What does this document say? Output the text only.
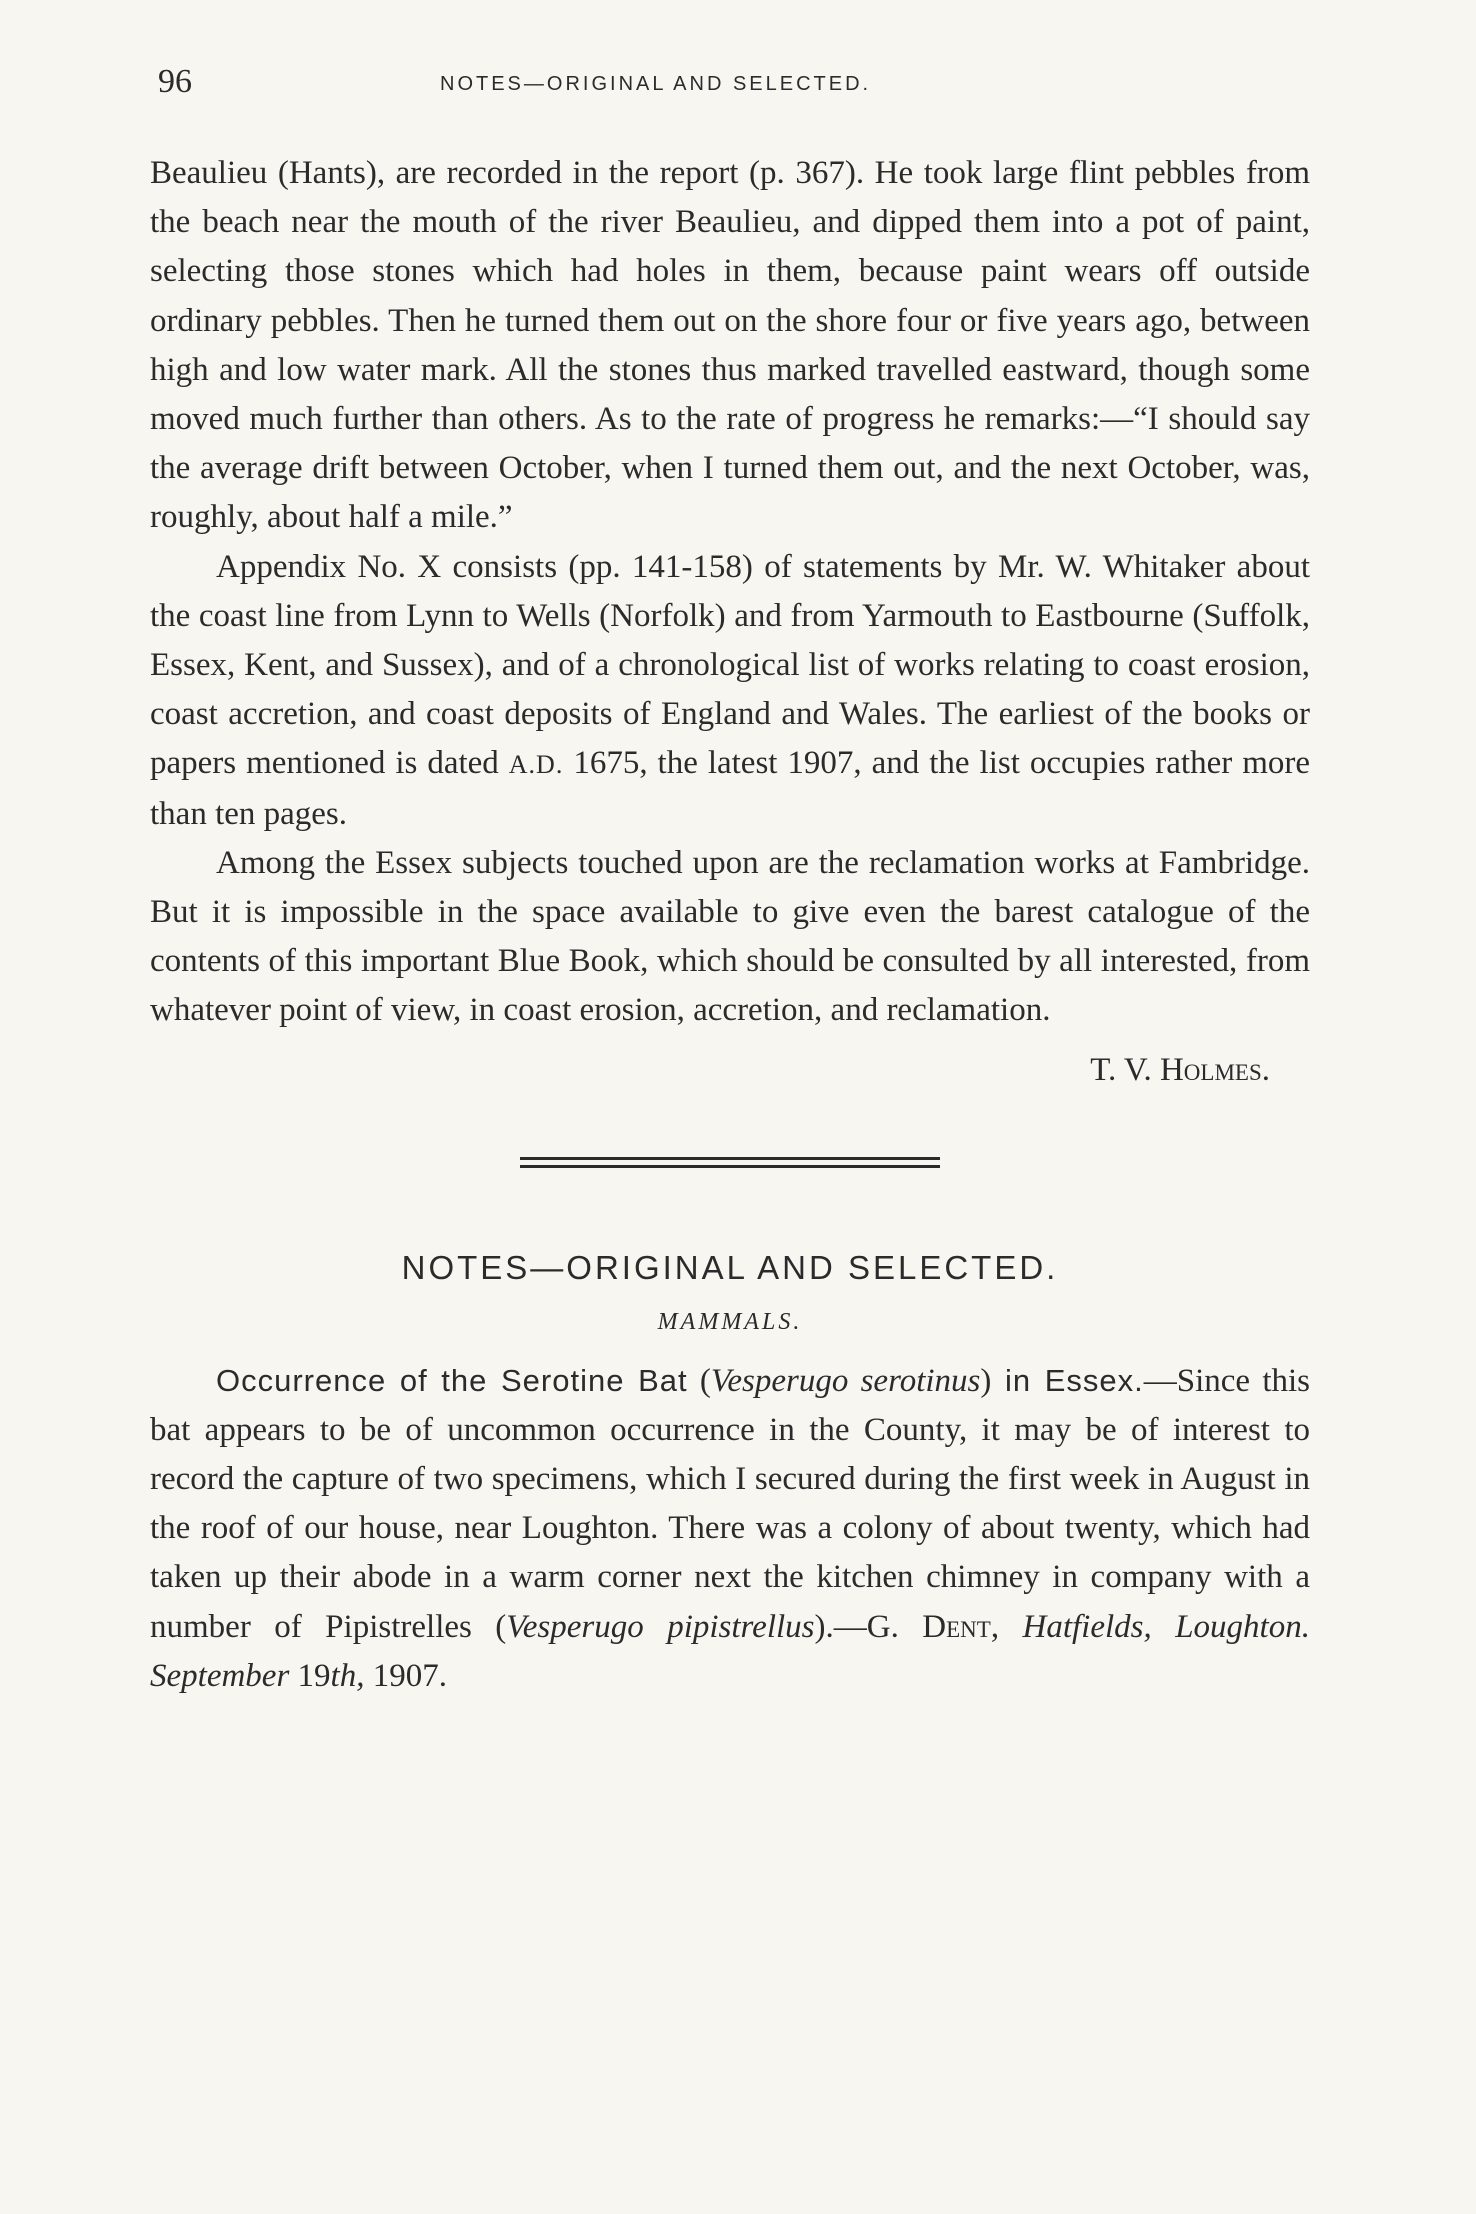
96	NOTES—ORIGINAL AND SELECTED.

Beaulieu (Hants), are recorded in the report (p. 367). He took large flint pebbles from the beach near the mouth of the river Beaulieu, and dipped them into a pot of paint, selecting those stones which had holes in them, because paint wears off outside ordinary pebbles. Then he turned them out on the shore four or five years ago, between high and low water mark. All the stones thus marked travelled eastward, though some moved much further than others. As to the rate of progress he remarks:—“I should say the average drift between October, when I turned them out, and the next October, was, roughly, about half a mile.”

Appendix No. X consists (pp. 141-158) of statements by Mr. W. Whitaker about the coast line from Lynn to Wells (Norfolk) and from Yarmouth to Eastbourne (Suffolk, Essex, Kent, and Sussex), and of a chronological list of works relating to coast erosion, coast accretion, and coast deposits of England and Wales. The earliest of the books or papers mentioned is dated A.D. 1675, the latest 1907, and the list occupies rather more than ten pages.

Among the Essex subjects touched upon are the reclamation works at Fambridge. But it is impossible in the space available to give even the barest catalogue of the contents of this important Blue Book, which should be consulted by all interested, from whatever point of view, in coast erosion, accretion, and reclamation.

T. V. Holmes.
NOTES—ORIGINAL AND SELECTED.
MAMMALS.

Occurrence of the Serotine Bat (Vesperugo serotinus) in Essex.—Since this bat appears to be of uncommon occurrence in the County, it may be of interest to record the capture of two specimens, which I secured during the first week in August in the roof of our house, near Loughton. There was a colony of about twenty, which had taken up their abode in a warm corner next the kitchen chimney in company with a number of Pipistrelles (Vesperugo pipistrellus).—G. Dent, Hatfields, Loughton. September 19th, 1907.
